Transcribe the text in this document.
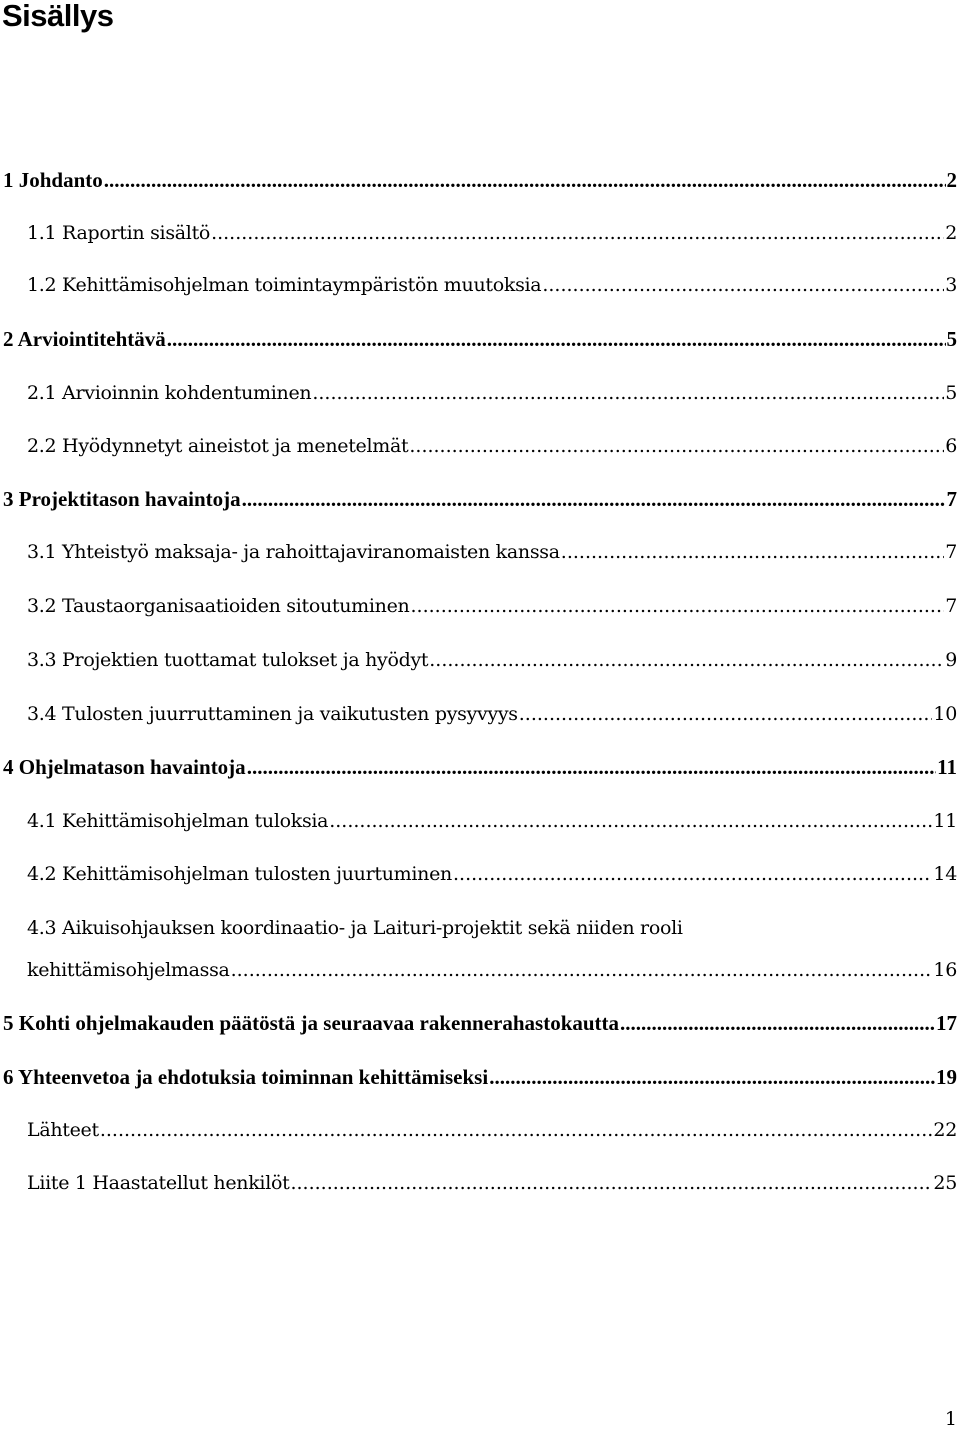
Sisällys
1 Johdanto .....	2
1.1 Raportin sisältö .....	2
1.2 Kehittämisohjelman toimintaympäristön muutoksia .....	3
2 Arviointitehtävä .....	5
2.1 Arvioinnin kohdentuminen .....	5
2.2 Hyödynnetyt aineistot ja menetelmät .....	6
3 Projektitason havaintoja .....	7
3.1 Yhteistyö maksaja- ja rahoittajaviranomaisten kanssa .....	7
3.2 Taustaorganisaatioiden sitoutuminen .....	7
3.3 Projektien tuottamat tulokset ja hyödyt .....	9
3.4 Tulosten juurruttaminen ja vaikutusten pysyvyys .....	10
4 Ohjelmatason havaintoja .....	11
4.1 Kehittämisohjelman tuloksia .....	11
4.2 Kehittämisohjelman tulosten juurtuminen .....	14
4.3 Aikuisohjauksen koordinaatio- ja Laituri-projektit sekä niiden rooli
kehittämisohjelmassa .....	16
5 Kohti ohjelmakauden päätöstä ja seuraavaa rakennerahastokautta .....	17
6 Yhteenvetoa ja ehdotuksia toiminnan kehittämiseksi .....	19
Lähteet .....	22
Liite 1 Haastatellut henkilöt .....	25
1
